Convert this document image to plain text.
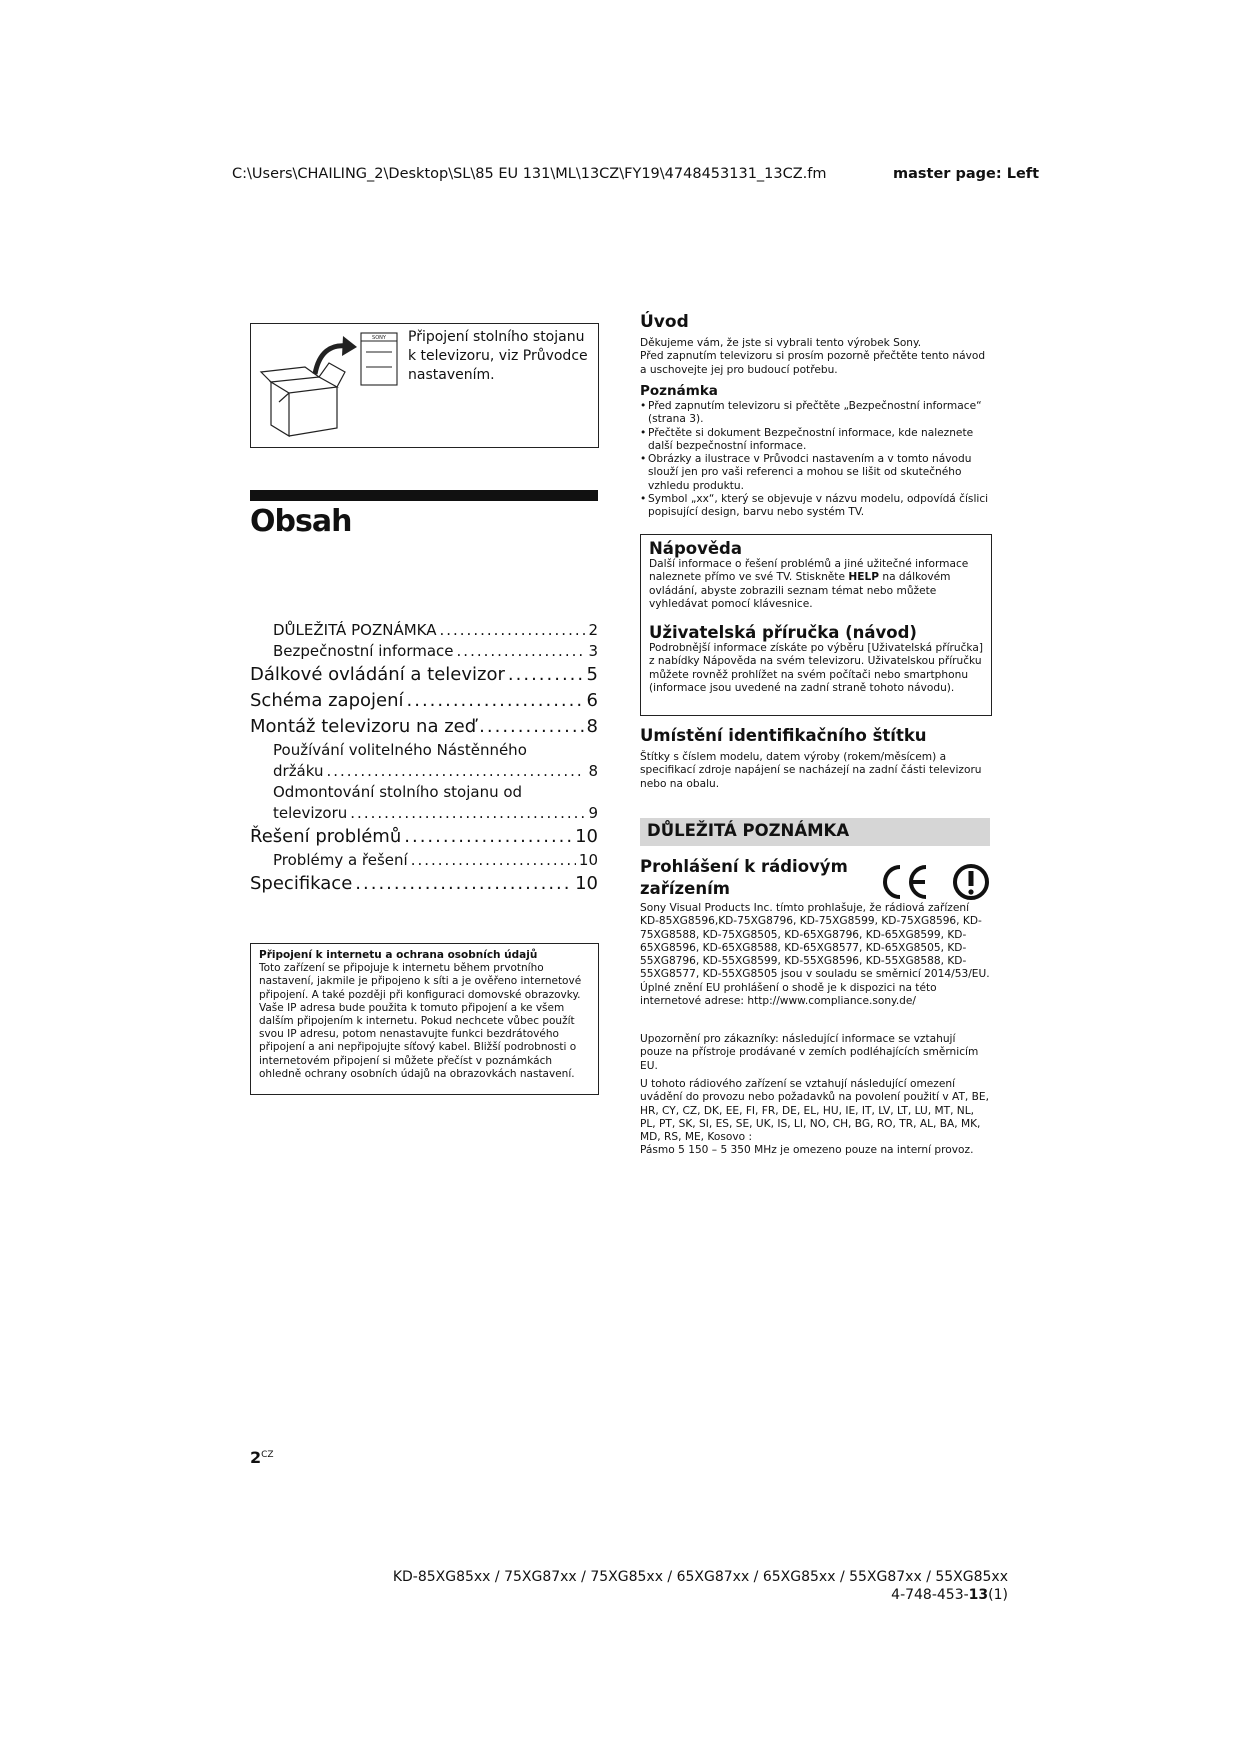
C:\Users\CHAILING_2\Desktop\SL\85 EU 131\ML\13CZ\FY19\4748453131_13CZ.fm	master page: Left
SONY Připojení stolního stojanu k televizoru, viz Průvodce nastavením.
Obsah
DŮLEŽITÁ POZNÁMKA .....	2
Bezpečnostní informace .....	3
Dálkové ovládání a televizor .....	5
Schéma zapojení .....	6
Montáž televizoru na zeď .....	8
Používání volitelného Nástěnného
držáku .....	8
Odmontování stolního stojanu od
televizoru .....	9
Řešení problémů .....	10
Problémy a řešení .....	10
Specifikace .....	10
Připojení k internetu a ochrana osobních údajů
Toto zařízení se připojuje k internetu během prvotního nastavení, jakmile je připojeno k síti a je ověřeno internetové připojení. A také později při konfiguraci domovské obrazovky. Vaše IP adresa bude použita k tomuto připojení a ke všem dalším připojením k internetu. Pokud nechcete vůbec použít svou IP adresu, potom nenastavujte funkci bezdrátového připojení a ani nepřipojujte síťový kabel. Bližší podrobnosti o internetovém připojení si můžete přečíst v poznámkách ohledně ochrany osobních údajů na obrazovkách nastavení.
Úvod
Děkujeme vám, že jste si vybrali tento výrobek Sony.
Před zapnutím televizoru si prosím pozorně přečtěte tento návod a uschovejte jej pro budoucí potřebu.
Poznámka
• Před zapnutím televizoru si přečtěte „Bezpečnostní informace“ (strana 3).
• Přečtěte si dokument Bezpečnostní informace, kde naleznete další bezpečnostní informace.
• Obrázky a ilustrace v Průvodci nastavením a v tomto návodu slouží jen pro vaši referenci a mohou se lišit od skutečného vzhledu produktu.
• Symbol „xx“, který se objevuje v názvu modelu, odpovídá číslici popisující design, barvu nebo systém TV.
Nápověda
Další informace o řešení problémů a jiné užitečné informace naleznete přímo ve své TV. Stiskněte HELP na dálkovém ovládání, abyste zobrazili seznam témat nebo můžete vyhledávat pomocí klávesnice.
Uživatelská příručka (návod)
Podrobnější informace získáte po výběru [Uživatelská příručka] z nabídky Nápověda na svém televizoru. Uživatelskou příručku můžete rovněž prohlížet na svém počítači nebo smartphonu (informace jsou uvedené na zadní straně tohoto návodu).
Umístění identifikačního štítku
Štítky s číslem modelu, datem výroby (rokem/měsícem) a specifikací zdroje napájení se nacházejí na zadní části televizoru nebo na obalu.
DŮLEŽITÁ POZNÁMKA
Prohlášení k rádiovým zařízením
Sony Visual Products Inc. tímto prohlašuje, že rádiová zařízení KD-85XG8596,KD-75XG8796, KD-75XG8599, KD-75XG8596, KD-75XG8588, KD-75XG8505, KD-65XG8796, KD-65XG8599, KD-65XG8596, KD-65XG8588, KD-65XG8577, KD-65XG8505, KD-55XG8796, KD-55XG8599, KD-55XG8596, KD-55XG8588, KD-55XG8577, KD-55XG8505 jsou v souladu se směrnicí 2014/53/EU. Úplné znění EU prohlášení o shodě je k dispozici na této internetové adrese: http://www.compliance.sony.de/
Upozornění pro zákazníky: následující informace se vztahují pouze na přístroje prodávané v zemích podléhajících směrnicím EU.
U tohoto rádiového zařízení se vztahují následující omezení uvádění do provozu nebo požadavků na povolení použití v AT, BE, HR, CY, CZ, DK, EE, FI, FR, DE, EL, HU, IE, IT, LV, LT, LU, MT, NL, PL, PT, SK, SI, ES, SE, UK, IS, LI, NO, CH, BG, RO, TR, AL, BA, MK, MD, RS, ME, Kosovo :
Pásmo 5 150 – 5 350 MHz je omezeno pouze na interní provoz.
$2^{CZ}$
KD-85XG85xx / 75XG87xx / 75XG85xx / 65XG87xx / 65XG85xx / 55XG87xx / 55XG85xx
4-748-453-13(1)
